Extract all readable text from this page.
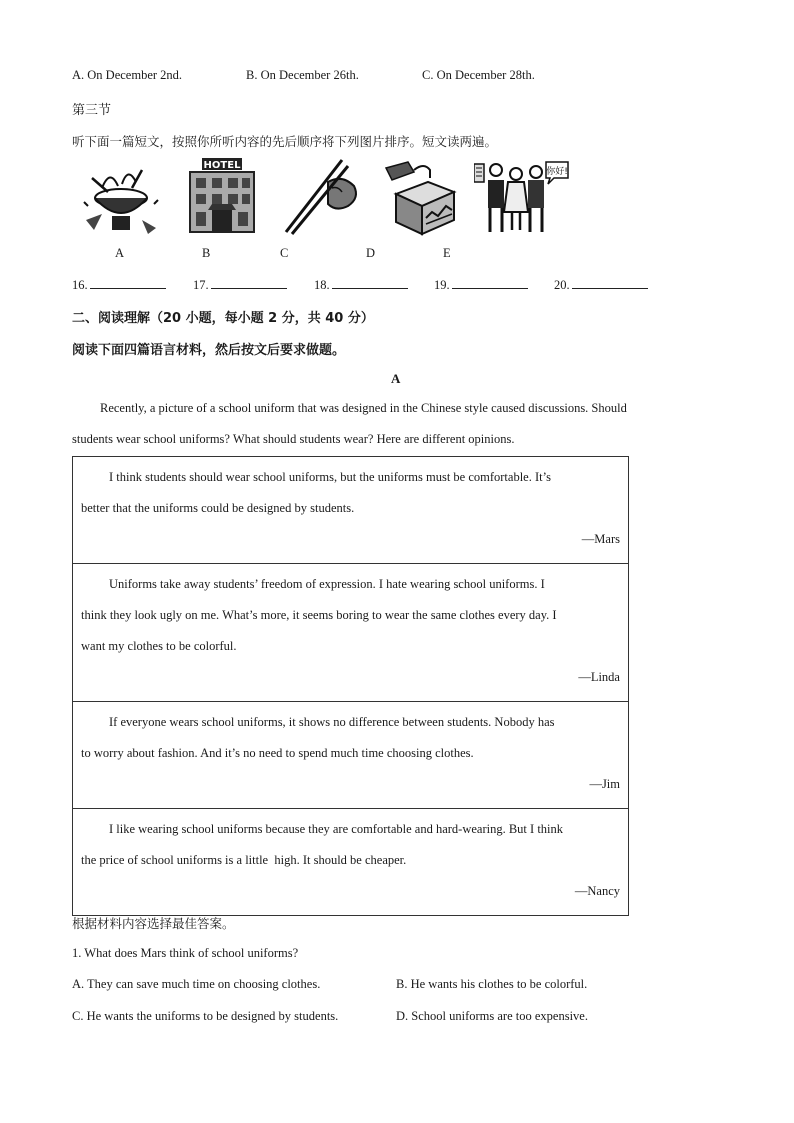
A. On December 2nd.	B. On December 26th.	C. On December 28th.
第三节
听下面一篇短文，按照你所听内容的先后顺序将下列图片排序。短文读两遍。
HOTEL
你好!
A	B	C	D	E
16.	17.	18.	19.	20.
二、阅读理解（20 小题，每小题 2 分，共 40 分）
阅读下面四篇语言材料，然后按文后要求做题。
A
Recently, a picture of a school uniform that was designed in the Chinese style caused discussions. Should
students wear school uniforms? What should students wear? Here are different opinions.
I think students should wear school uniforms, but the uniforms must be comfortable. It’s
better that the uniforms could be designed by students.
—Mars
Uniforms take away students’ freedom of expression. I hate wearing school uniforms. I
think they look ugly on me. What’s more, it seems boring to wear the same clothes every day. I
want my clothes to be colorful.
—Linda
If everyone wears school uniforms, it shows no difference between students. Nobody has
to worry about fashion. And it’s no need to spend much time choosing clothes.
—Jim
I like wearing school uniforms because they are comfortable and hard-wearing. But I think
the price of school uniforms is a little  high. It should be cheaper.
—Nancy
根据材料内容选择最佳答案。
1. What does Mars think of school uniforms?
A. They can save much time on choosing clothes.	B. He wants his clothes to be colorful.
C. He wants the uniforms to be designed by students.	D. School uniforms are too expensive.
